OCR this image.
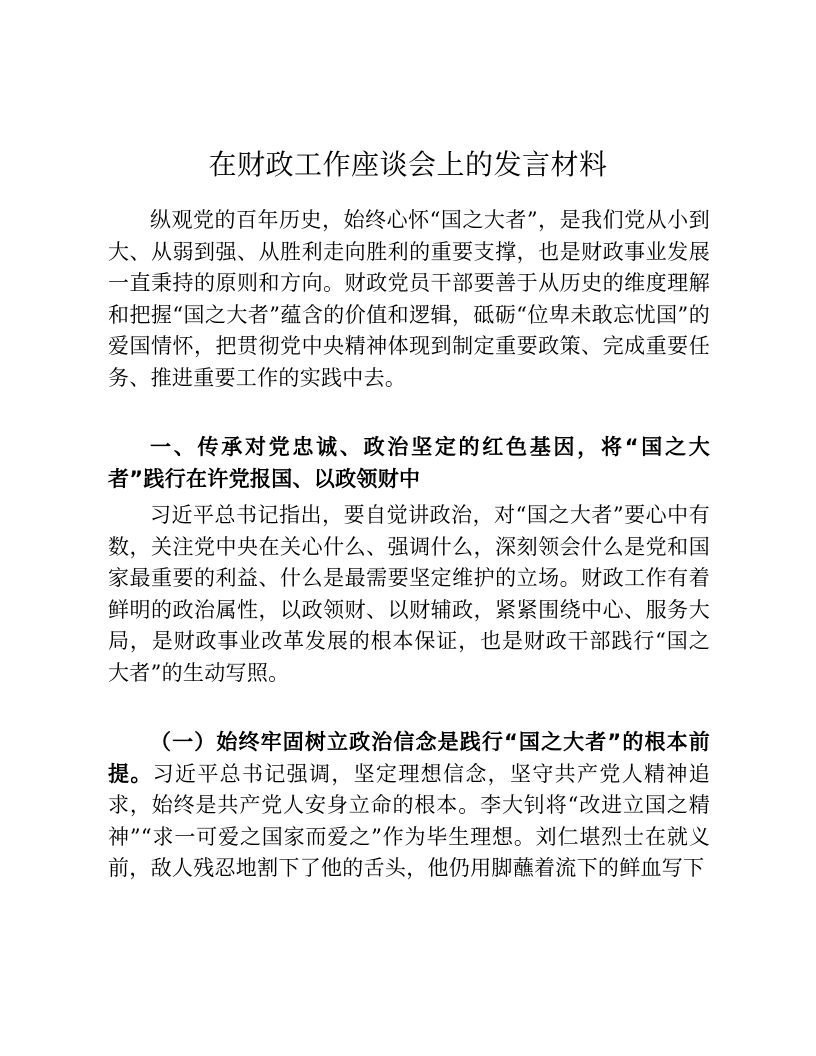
在财政工作座谈会上的发言材料

纵观党的百年历史，始终心怀“国之大者”，是我们党从小到大、从弱到强、从胜利走向胜利的重要支撑，也是财政事业发展一直秉持的原则和方向。财政党员干部要善于从历史的维度理解和把握“国之大者”蕴含的价值和逻辑，砥砺“位卑未敢忘忧国”的爱国情怀，把贯彻党中央精神体现到制定重要政策、完成重要任务、推进重要工作的实践中去。

一、传承对党忠诚、政治坚定的红色基因，将“国之大者”践行在许党报国、以政领财中

习近平总书记指出，要自觉讲政治，对“国之大者”要心中有数，关注党中央在关心什么、强调什么，深刻领会什么是党和国家最重要的利益、什么是最需要坚定维护的立场。财政工作有着鲜明的政治属性，以政领财、以财辅政，紧紧围绕中心、服务大局，是财政事业改革发展的根本保证，也是财政干部践行“国之大者”的生动写照。

（一）始终牢固树立政治信念是践行“国之大者”的根本前提。习近平总书记强调，坚定理想信念，坚守共产党人精神追求，始终是共产党人安身立命的根本。李大钊将“改进立国之精神”“求一可爱之国家而爱之”作为毕生理想。刘仁堪烈士在就义前，敌人残忍地割下了他的舌头，他仍用脚蘸着流下的鲜血写下
